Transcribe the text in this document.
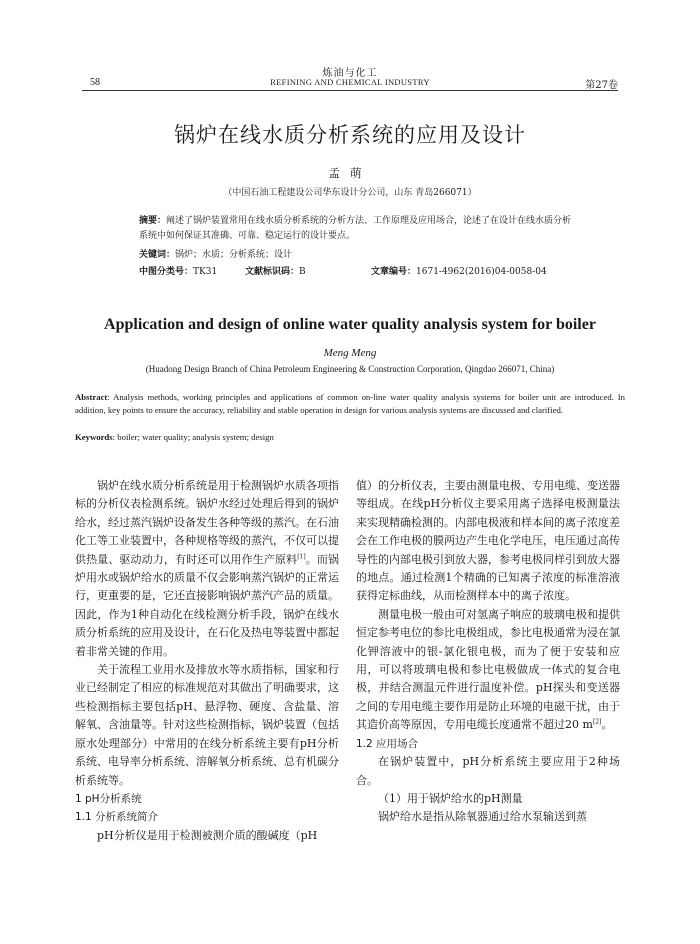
炼油与化工
58	REFINING AND CHEMICAL INDUSTRY	第27卷
锅炉在线水质分析系统的应用及设计
孟萌
（中国石油工程建设公司华东设计分公司，山东 青岛266071）
摘要：阐述了锅炉装置常用在线水质分析系统的分析方法、工作原理及应用场合，论述了在设计在线水质分析系统中如何保证其准确、可靠、稳定运行的设计要点。
关键词：锅炉；水质；分析系统；设计
中图分类号：TK31	文献标识码：B	文章编号：1671-4962(2016)04-0058-04
Application and design of online water quality analysis system for boiler
Meng Meng
(Huadong Design Branch of China Petroleum Engineering & Construction Corporation, Qingdao 266071, China)
Abstract: Analysis methods, working principles and applications of common on-line water quality analysis systems for boiler unit are introduced. In addition, key points to ensure the accuracy, reliability and stable operation in design for various analysis systems are discussed and clarified.
Keywords: boiler; water quality; analysis system; design

锅炉在线水质分析系统是用于检测锅炉水质各项指标的分析仪表检测系统。锅炉水经过处理后得到的锅炉给水，经过蒸汽锅炉设备发生各种等级的蒸汽。在石油化工等工业装置中，各种规格等级的蒸汽，不仅可以提供热量、驱动动力，有时还可以用作生产原料[1]。而锅炉用水或锅炉给水的质量不仅会影响蒸汽锅炉的正常运行，更重要的是，它还直接影响锅炉蒸汽产品的质量。因此，作为1种自动化在线检测分析手段，锅炉在线水质分析系统的应用及设计，在石化及热电等装置中都起着非常关键的作用。

关于流程工业用水及排放水等水质指标，国家和行业已经制定了相应的标准规范对其做出了明确要求，这些检测指标主要包括pH、悬浮物、硬度、含盐量、溶解氧、含油量等。针对这些检测指标，锅炉装置（包括原水处理部分）中常用的在线分析系统主要有pH分析系统、电导率分析系统、溶解氧分析系统、总有机碳分析系统等。

1 pH分析系统

1.1 分析系统简介

pH分析仪是用于检测被测介质的酸碱度（pH

值）的分析仪表，主要由测量电极、专用电缆、变送器等组成。在线pH分析仪主要采用离子选择电极测量法来实现精确检测的。内部电极液和样本间的离子浓度差会在工作电极的膜两边产生电化学电压，电压通过高传导性的内部电极引到放大器，参考电极同样引到放大器的地点。通过检测1个精确的已知离子浓度的标准溶液获得定标曲线，从而检测样本中的离子浓度。

测量电极一般由可对氢离子响应的玻璃电极和提供恒定参考电位的参比电极组成，参比电极通常为浸在氯化钾溶液中的银-氯化银电极，而为了便于安装和应用，可以将玻璃电极和参比电极做成一体式的复合电极，并结合测温元件进行温度补偿。pH探头和变送器之间的专用电缆主要作用是防止环境的电磁干扰，由于其造价高等原因，专用电缆长度通常不超过20 m[2]。

1.2 应用场合

在锅炉装置中，pH分析系统主要应用于2种场合。

（1）用于锅炉给水的pH测量

锅炉给水是指从除氧器通过给水泵输送到蒸
